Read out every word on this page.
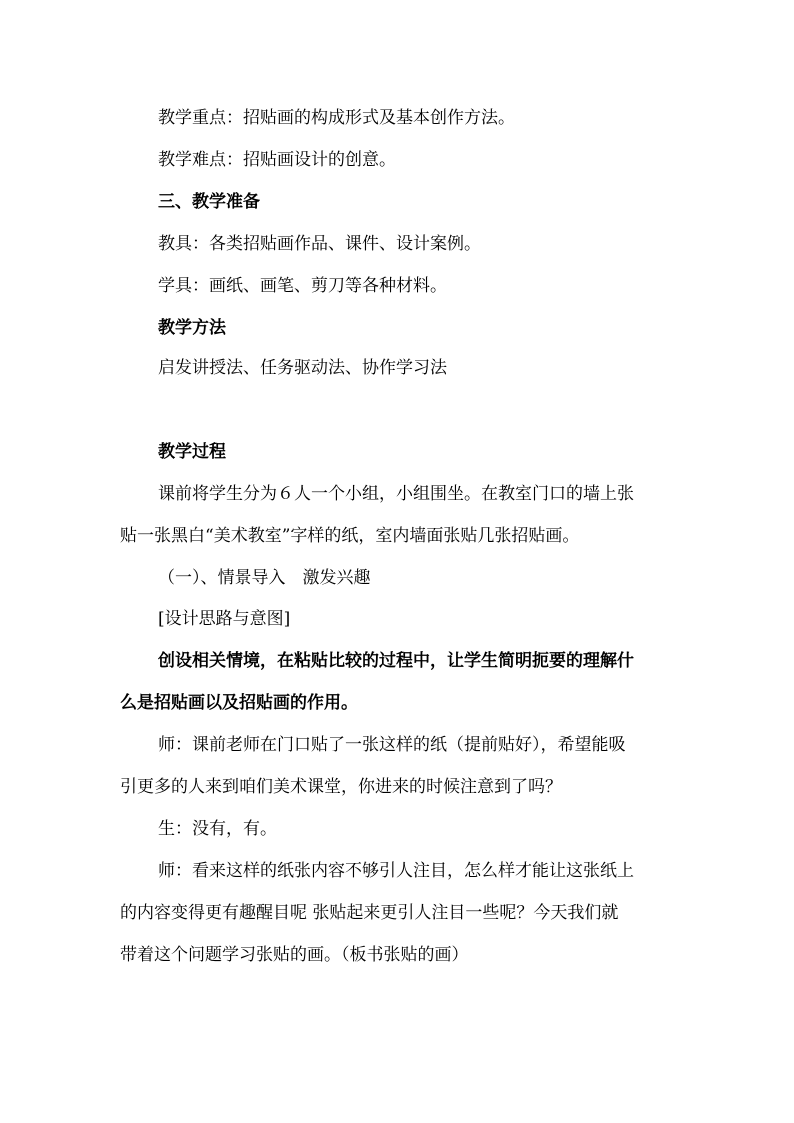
教学重点：招贴画的构成形式及基本创作方法。
教学难点：招贴画设计的创意。
三、教学准备
教具：各类招贴画作品、课件、设计案例。
学具：画纸、画笔、剪刀等各种材料。
教学方法
启发讲授法、任务驱动法、协作学习法
教学过程
课前将学生分为６人一个小组，小组围坐。在教室门口的墙上张
贴一张黑白“美术教室”字样的纸，室内墙面张贴几张招贴画。
（一）、情景导入　激发兴趣
[设计思路与意图]
创设相关情境，在粘贴比较的过程中，让学生简明扼要的理解什
么是招贴画以及招贴画的作用。
师：课前老师在门口贴了一张这样的纸（提前贴好），希望能吸
引更多的人来到咱们美术课堂，你进来的时候注意到了吗？
生：没有，有。
师：看来这样的纸张内容不够引人注目，怎么样才能让这张纸上
的内容变得更有趣醒目呢 张贴起来更引人注目一些呢？今天我们就
带着这个问题学习张贴的画。（板书张贴的画）
